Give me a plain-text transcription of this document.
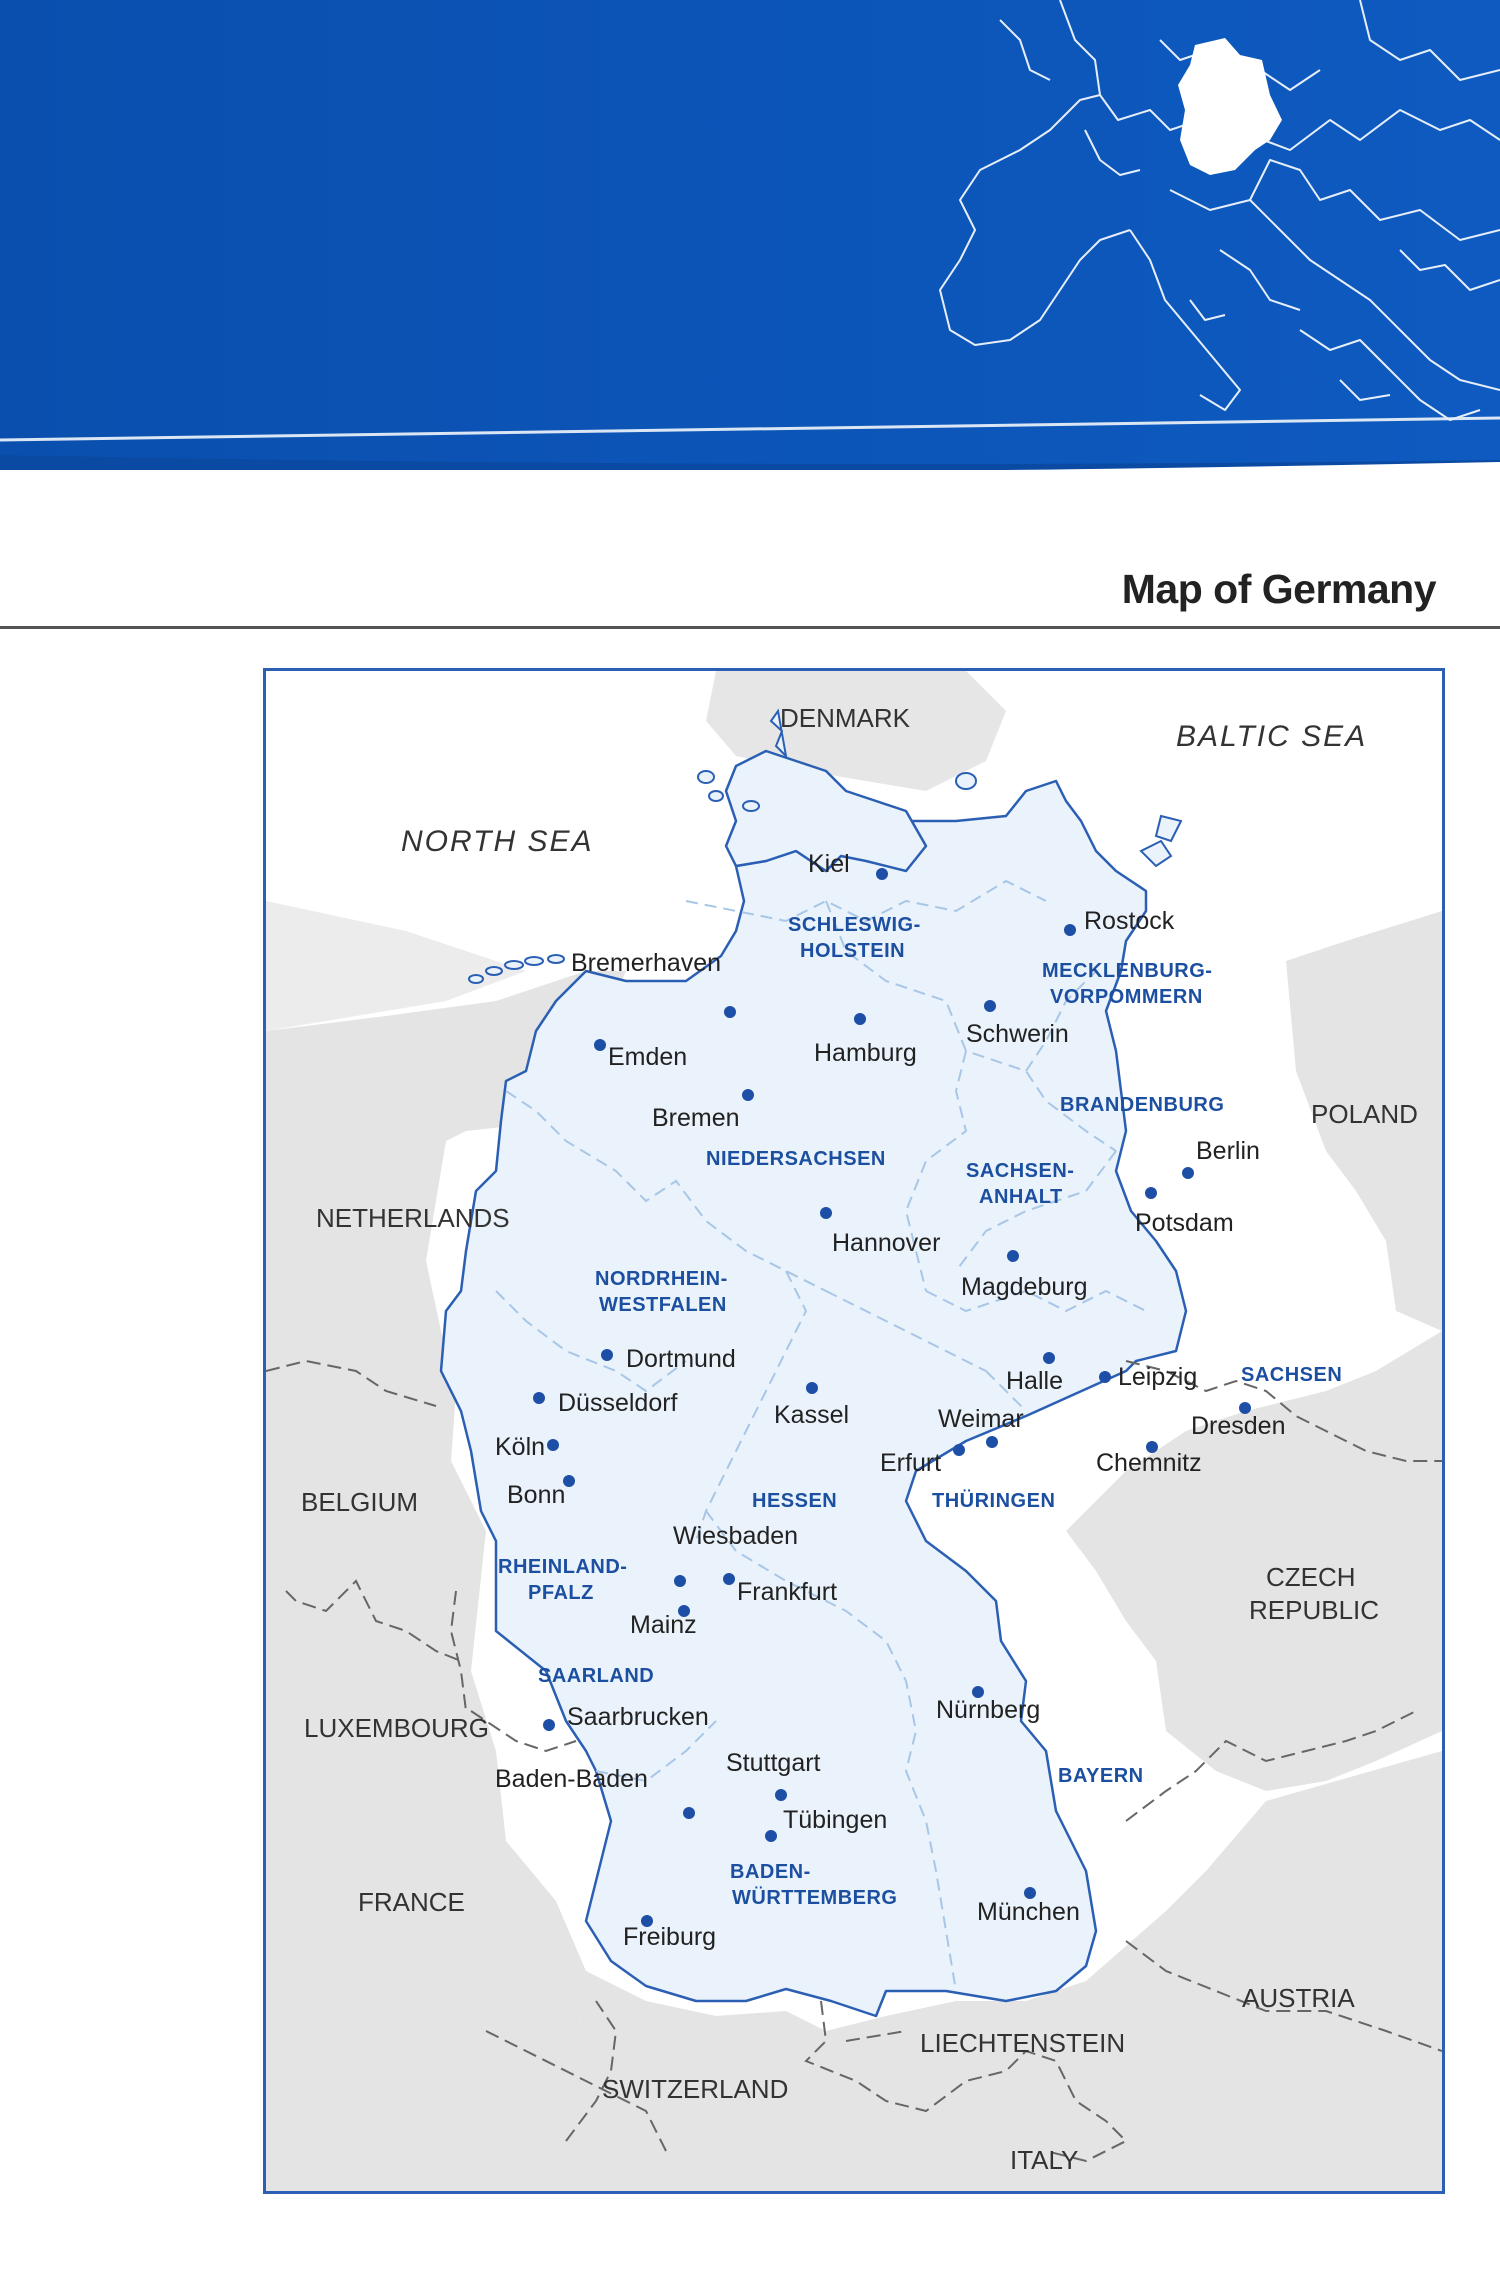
Map of Germany
NORTH SEA
BALTIC SEA
DENMARK
POLAND
NETHERLANDS
BELGIUM
LUXEMBOURG
FRANCE
CZECH
REPUBLIC
AUSTRIA
LIECHTENSTEIN
SWITZERLAND
ITALY
SCHLESWIG-
HOLSTEIN
MECKLENBURG-
VORPOMMERN
BRANDENBURG
NIEDERSACHSEN
SACHSEN-
ANHALT
NORDRHEIN-
WESTFALEN
SACHSEN
HESSEN	THÜRINGEN
RHEINLAND-
PFALZ
SAARLAND
BAYERN
BADEN-
WÜRTTEMBERG
Kiel
Rostock
Bremerhaven
Emden	Hamburg
Schwerin
Bremen
Berlin
Potsdam
Hannover
Magdeburg
Dortmund
Düsseldorf	Kassel
Halle Leipzig
Dresden
Weimar
Erfurt	Chemnitz
Köln
Bonn
Wiesbaden
Frankfurt
Mainz
Saarbrucken	Nürnberg
Stuttgart
Baden-Baden
Tübingen
München
Freiburg
